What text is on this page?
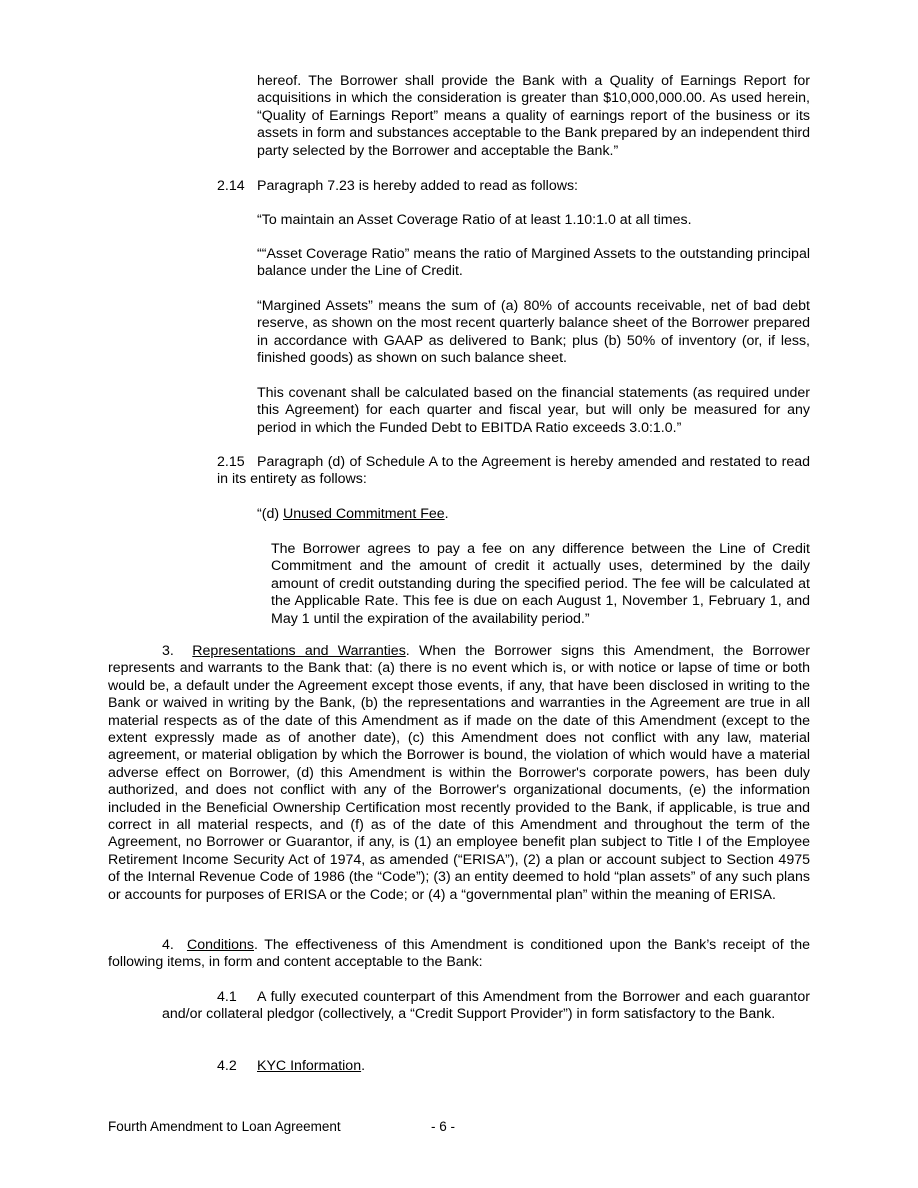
hereof. The Borrower shall provide the Bank with a Quality of Earnings Report for acquisitions in which the consideration is greater than $10,000,000.00. As used herein, “Quality of Earnings Report” means a quality of earnings report of the business or its assets in form and substances acceptable to the Bank prepared by an independent third party selected by the Borrower and acceptable the Bank.”

2.14 Paragraph 7.23 is hereby added to read as follows:

“To maintain an Asset Coverage Ratio of at least 1.10:1.0 at all times.

““Asset Coverage Ratio” means the ratio of Margined Assets to the outstanding principal balance under the Line of Credit.

“Margined Assets” means the sum of (a) 80% of accounts receivable, net of bad debt reserve, as shown on the most recent quarterly balance sheet of the Borrower prepared in accordance with GAAP as delivered to Bank; plus (b) 50% of inventory (or, if less, finished goods) as shown on such balance sheet.

This covenant shall be calculated based on the financial statements (as required under this Agreement) for each quarter and fiscal year, but will only be measured for any period in which the Funded Debt to EBITDA Ratio exceeds 3.0:1.0.”

2.15 Paragraph (d) of Schedule A to the Agreement is hereby amended and restated to read in its entirety as follows:

“(d) Unused Commitment Fee.

The Borrower agrees to pay a fee on any difference between the Line of Credit Commitment and the amount of credit it actually uses, determined by the daily amount of credit outstanding during the specified period. The fee will be calculated at the Applicable Rate. This fee is due on each August 1, November 1, February 1, and May 1 until the expiration of the availability period.”

3. Representations and Warranties. When the Borrower signs this Amendment, the Borrower represents and warrants to the Bank that: (a) there is no event which is, or with notice or lapse of time or both would be, a default under the Agreement except those events, if any, that have been disclosed in writing to the Bank or waived in writing by the Bank, (b) the representations and warranties in the Agreement are true in all material respects as of the date of this Amendment as if made on the date of this Amendment (except to the extent expressly made as of another date), (c) this Amendment does not conflict with any law, material agreement, or material obligation by which the Borrower is bound, the violation of which would have a material adverse effect on Borrower, (d) this Amendment is within the Borrower's corporate powers, has been duly authorized, and does not conflict with any of the Borrower's organizational documents, (e) the information included in the Beneficial Ownership Certification most recently provided to the Bank, if applicable, is true and correct in all material respects, and (f) as of the date of this Amendment and throughout the term of the Agreement, no Borrower or Guarantor, if any, is (1) an employee benefit plan subject to Title I of the Employee Retirement Income Security Act of 1974, as amended (“ERISA”), (2) a plan or account subject to Section 4975 of the Internal Revenue Code of 1986 (the “Code”); (3) an entity deemed to hold “plan assets” of any such plans or accounts for purposes of ERISA or the Code; or (4) a “governmental plan” within the meaning of ERISA.

4. Conditions. The effectiveness of this Amendment is conditioned upon the Bank’s receipt of the following items, in form and content acceptable to the Bank:

4.1 A fully executed counterpart of this Amendment from the Borrower and each guarantor and/or collateral pledgor (collectively, a “Credit Support Provider”) in form satisfactory to the Bank.

4.2 KYC Information.

Fourth Amendment to Loan Agreement	- 6 -
